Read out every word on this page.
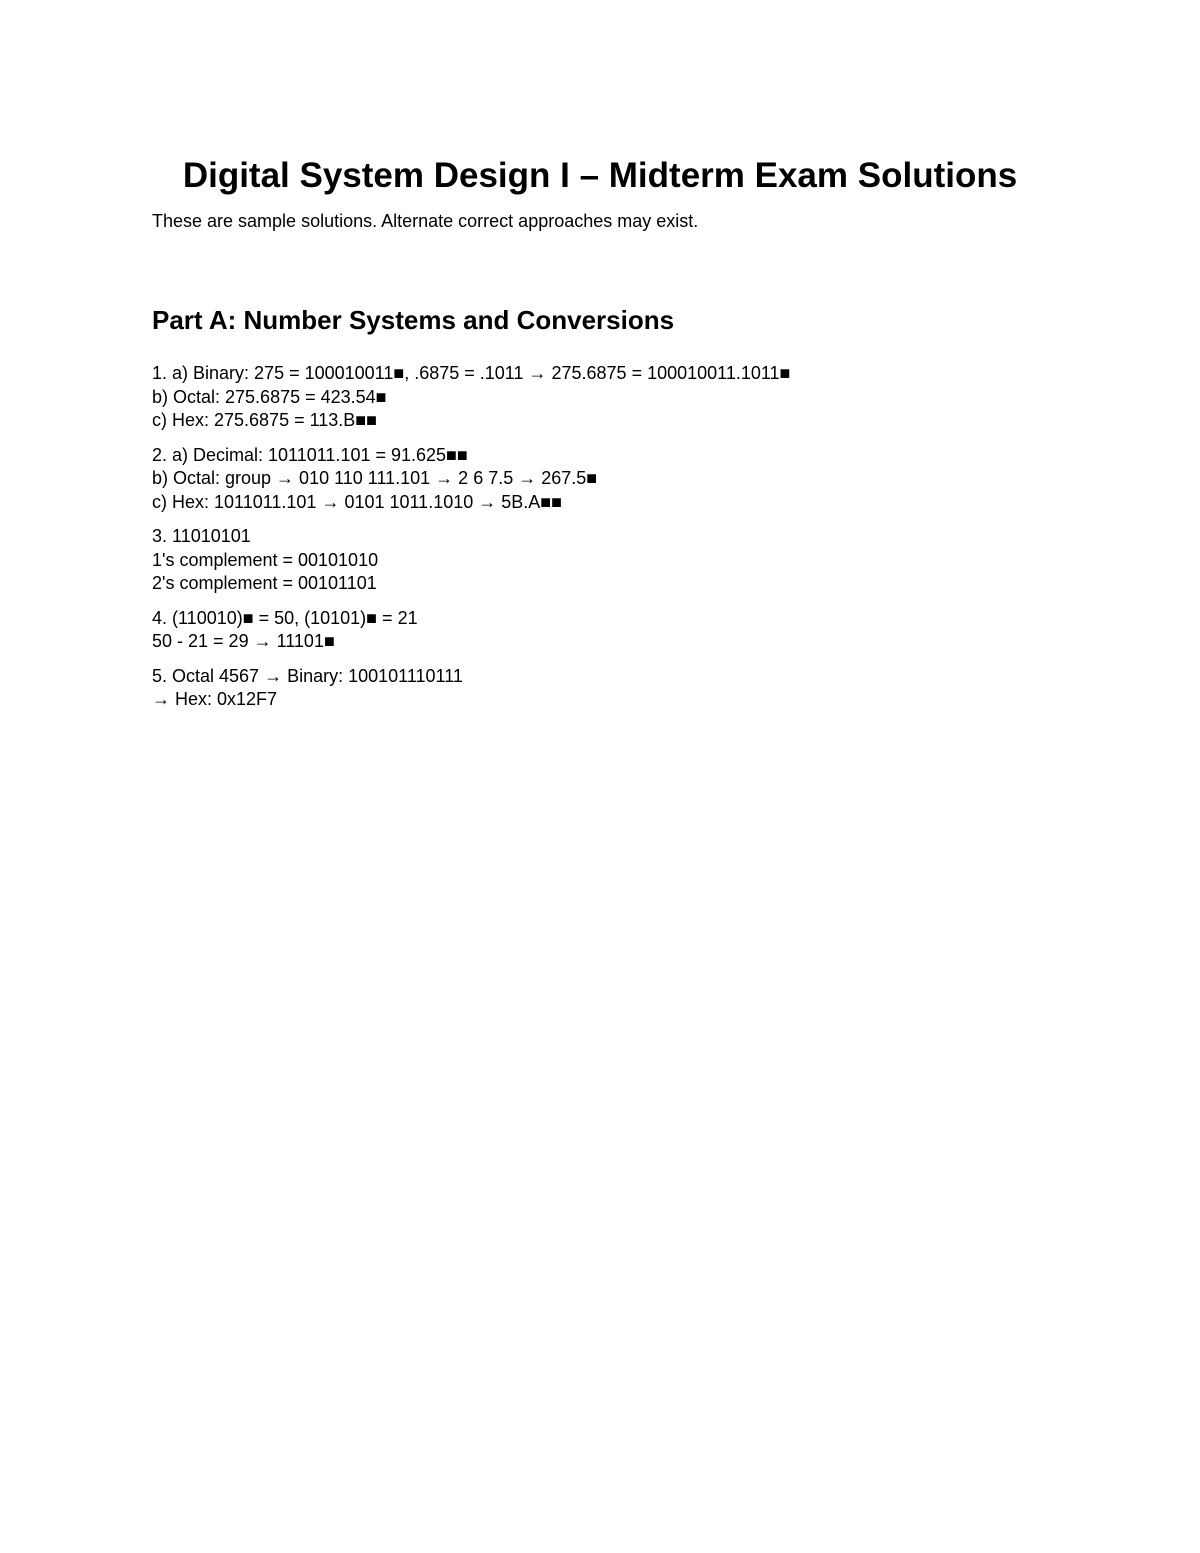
Digital System Design I – Midterm Exam Solutions

These are sample solutions. Alternate correct approaches may exist.

Part A: Number Systems and Conversions

1. a) Binary: 275 = 100010011■, .6875 = .1011 → 275.6875 = 100010011.1011■

b) Octal: 275.6875 = 423.54■

c) Hex: 275.6875 = 113.B■■

2. a) Decimal: 1011011.101 = 91.625■■

b) Octal: group → 010 110 111.101 → 2 6 7.5 → 267.5■

c) Hex: 1011011.101 → 0101 1011.1010 → 5B.A■■

3. 11010101

1's complement = 00101010

2's complement = 00101101

4. (110010)■ = 50, (10101)■ = 21

50 - 21 = 29 → 11101■

5. Octal 4567 → Binary: 100101110111

→ Hex: 0x12F7
